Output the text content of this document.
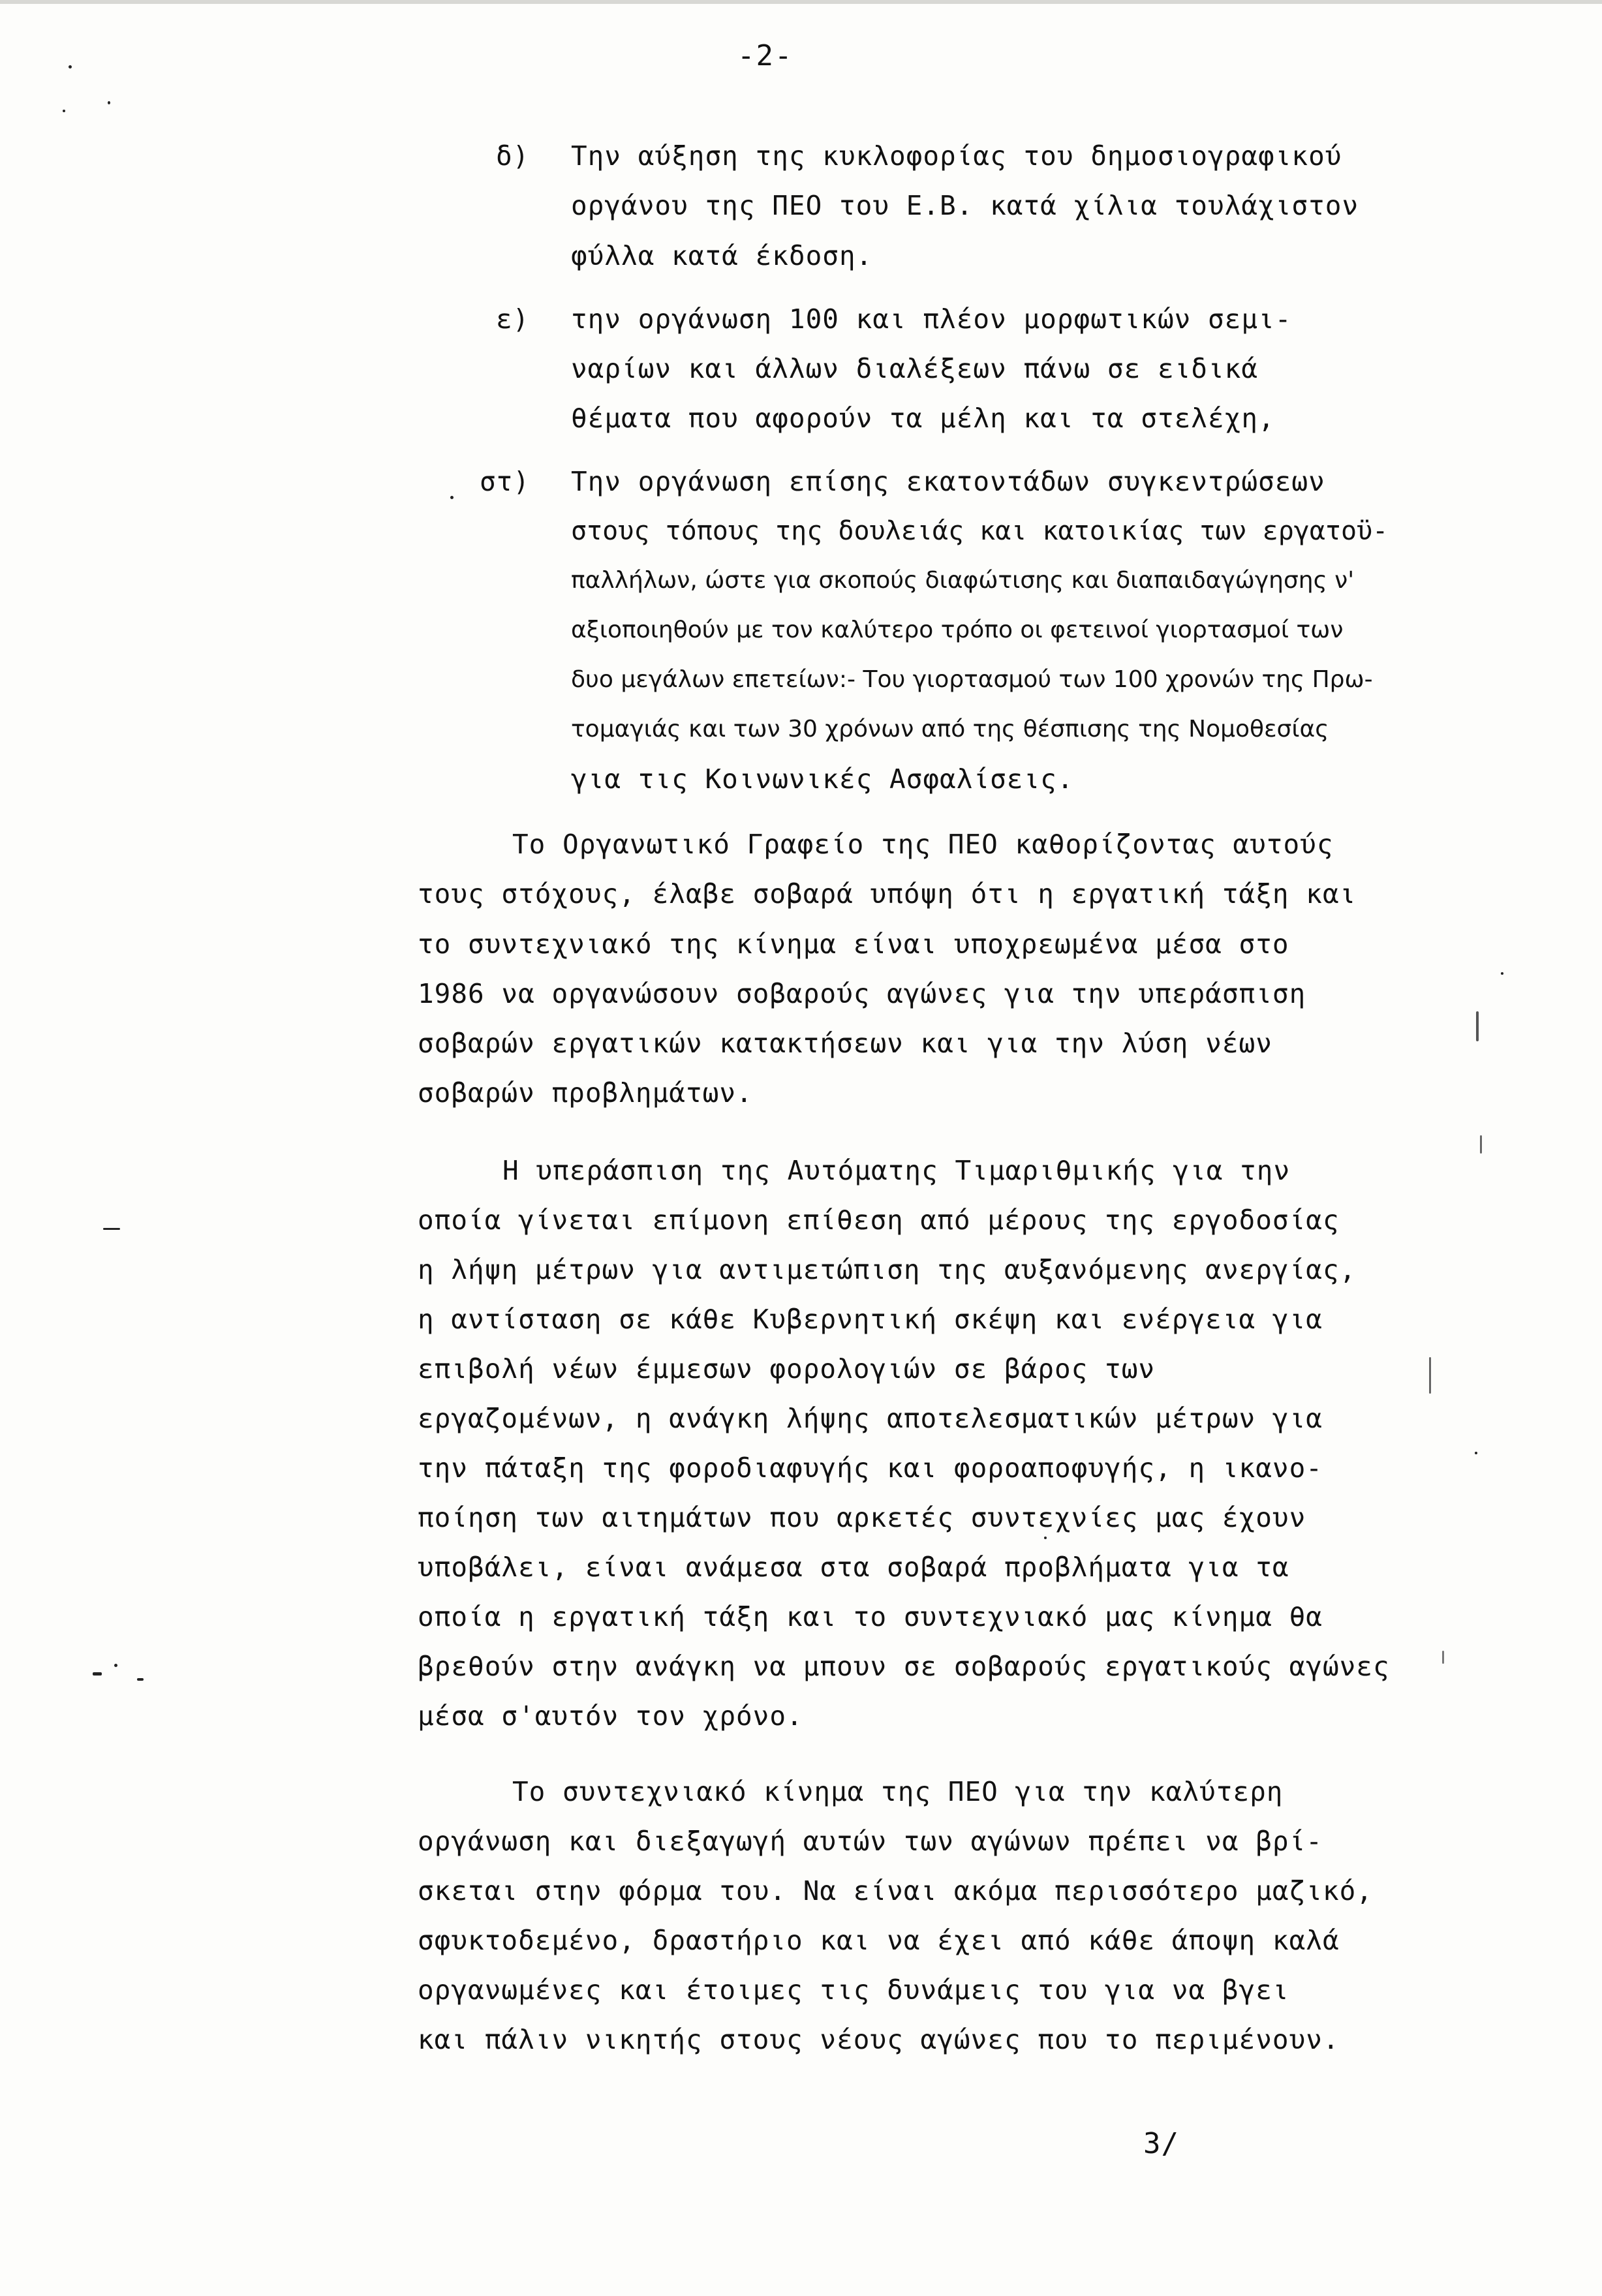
-2-
δ) Την αύξηση της κυκλοφορίας του δημοσιογραφικού
οργάνου της ΠΕΟ του Ε.Β. κατά χίλια τουλάχιστον
φύλλα κατά έκδοση.
ε) την οργάνωση 100 και πλέον μορφωτικών σεμι-
ναρίων και άλλων διαλέξεων πάνω σε ειδικά
θέματα που αφορούν τα μέλη και τα στελέχη,
στ) Την οργάνωση επίσης εκατοντάδων συγκεντρώσεων
στους τόπους της δουλειάς και κατοικίας των εργατοϋ-
παλλήλων, ώστε για σκοπούς διαφώτισης και διαπαιδαγώγησης ν'
αξιοποιηθούν με τον καλύτερο τρόπο οι φετεινοί γιορτασμοί των
δυο μεγάλων επετείων:- Του γιορτασμού των 100 χρονών της Πρω-
τομαγιάς και των 30 χρόνων από της θέσπισης της Νομοθεσίας
για τις Κοινωνικές Ασφαλίσεις.
Το Οργανωτικό Γραφείο της ΠΕΟ καθορίζοντας αυτούς
τους στόχους, έλαβε σοβαρά υπόψη ότι η εργατική τάξη και
το συντεχνιακό της κίνημα είναι υποχρεωμένα μέσα στο
1986 να οργανώσουν σοβαρούς αγώνες για την υπεράσπιση
σοβαρών εργατικών κατακτήσεων και για την λύση νέων
σοβαρών προβλημάτων.
Η υπεράσπιση της Αυτόματης Τιμαριθμικής για την
οποία γίνεται επίμονη επίθεση από μέρους της εργοδοσίας
η λήψη μέτρων για αντιμετώπιση της αυξανόμενης ανεργίας,
η αντίσταση σε κάθε Κυβερνητική σκέψη και ενέργεια για
επιβολή νέων έμμεσων φορολογιών σε βάρος των
εργαζομένων, η ανάγκη λήψης αποτελεσματικών μέτρων για
την πάταξη της φοροδιαφυγής και φοροαποφυγής, η ικανο-
ποίηση των αιτημάτων που αρκετές συντεχνίες μας έχουν
υποβάλει, είναι ανάμεσα στα σοβαρά προβλήματα για τα
οποία η εργατική τάξη και το συντεχνιακό μας κίνημα θα
βρεθούν στην ανάγκη να μπουν σε σοβαρούς εργατικούς αγώνες
μέσα σ'αυτόν τον χρόνο.
Το συντεχνιακό κίνημα της ΠΕΟ για την καλύτερη
οργάνωση και διεξαγωγή αυτών των αγώνων πρέπει να βρί-
σκεται στην φόρμα του. Να είναι ακόμα περισσότερο μαζικό,
σφυκτοδεμένο, δραστήριο και να έχει από κάθε άποψη καλά
οργανωμένες και έτοιμες τις δυνάμεις του για να βγει
και πάλιν νικητής στους νέους αγώνες που το περιμένουν.
3/
